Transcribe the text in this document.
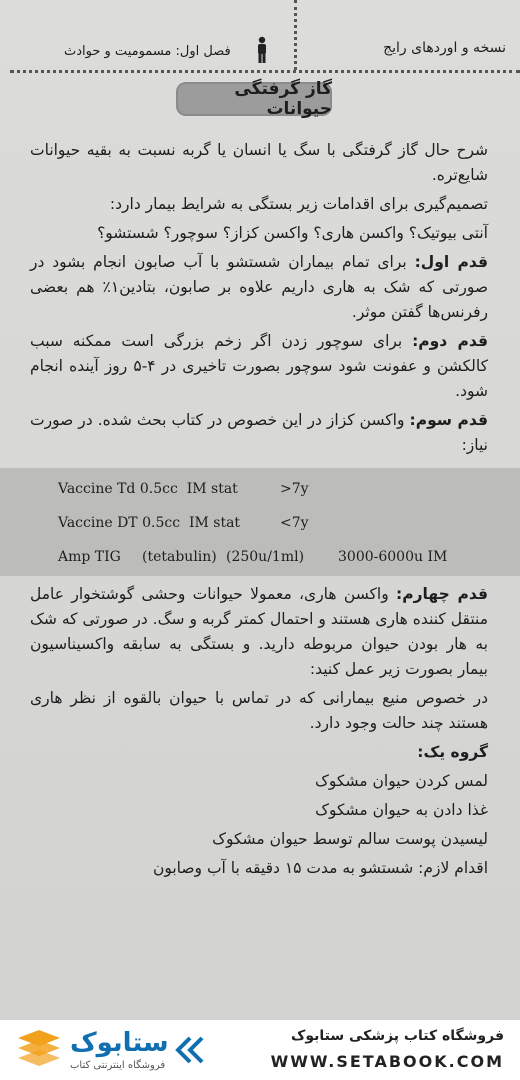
نسخه و اوردهای رایج
فصل اول: مسمومیت و حوادث
گاز گرفتگی حیوانات

شرح حال گاز گرفتگی با سگ یا انسان یا گربه نسبت به بقیه حیوانات شایع‌تره.

تصمیم‌گیری برای اقدامات زیر بستگی به شرایط بیمار دارد:

آنتی بیوتیک؟ واکسن هاری؟ واکسن کزاز؟ سوچور؟ شستشو؟

قدم اول: برای تمام بیماران شستشو با آب صابون انجام بشود در صورتی که شک به هاری داریم علاوه بر صابون، بتادین۱٪ هم بعضی رفرنس‌ها گفتن موثر.

قدم دوم: برای سوچور زدن اگر زخم بزرگی است ممکنه سبب کالکشن و عفونت شود سوچور بصورت تاخیری در ۴-۵ روز آینده انجام شود.

قدم سوم: واکسن کزاز در این خصوص در کتاب بحث شده. در صورت نیاز:

Vaccine Td 0.5cc IM stat	>7y
Vaccine DT 0.5cc IM stat	<7y
Amp TIG (tetabulin) (250u/1ml) 3000-6000u IM

قدم چهارم: واکسن هاری، معمولا حیوانات وحشی گوشتخوار عامل منتقل کننده هاری هستند و احتمال کمتر گربه و سگ. در صورتی که شک به هار بودن حیوان مربوطه دارید. و بستگی به سابقه واکسیناسیون بیمار بصورت زیر عمل کنید:

در خصوص منیع بیمارانی که در تماس با حیوان بالقوه از نظر هاری هستند چند حالت وجود دارد.

گروه یک:

لمس کردن حیوان مشکوک

غذا دادن به حیوان مشکوک

لیسیدن پوست سالم توسط حیوان مشکوک

اقدام لازم: شستشو به مدت ۱۵ دقیقه با آب وصابون

ستابوک
فروشگاه اینترنتی کتاب
فروشگاه کتاب پزشکی ستابوک
WWW.SETABOOK.COM
